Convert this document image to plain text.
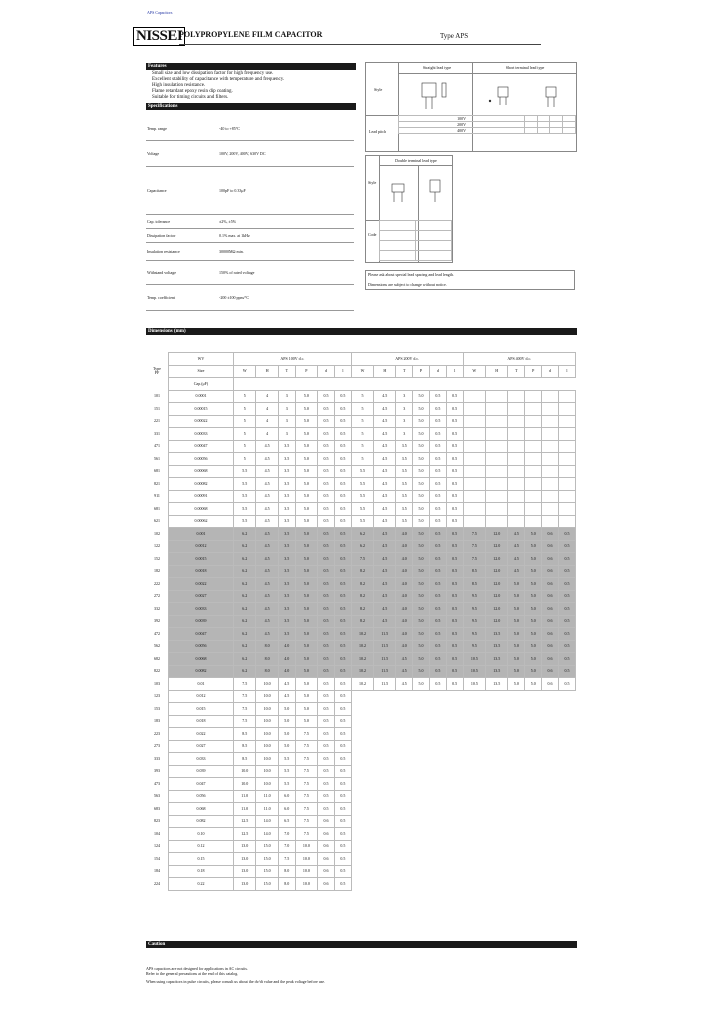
APS Capacitors
NISSEI
POLYPROPYLENE FILM CAPACITOR	Type APS
Features
Small size and low dissipation factor for high frequency use.
Excellent stability of capacitance with temperature and frequency.
High insulation resistance.
Flame retardant epoxy resin dip coating.
Suitable for timing circuits and filters.
Specifications
Temp. range	-40 to +85°C
Voltage	100V, 200V, 400V, 630V DC
Capacitance	100pF to 0.33μF
Cap. tolerance	±2%, ±5%
Dissipation factor	0.1% max. at 1kHz
Insulation resistance	30000MΩ min.
Withstand voltage	150% of rated voltage
Temp. coefficient	-200 ±100 ppm/°C
Straight lead type	Short terminal lead type
Style
Lead pitch
100V				
200V				
400V				
Double terminal lead type
Style
Code

Please ask about special lead spacing and lead length.
Dimensions are subject to change without notice.
Dimensions (mm)
Type
PF	WV	APS 100V d.c.						APS 200V d.c.						APS 400V d.c.					
	Size	W	H	T	P	d	l	W	H	T	P	d	l	W	H	T	P	d	l
	Cap.(μF)																		
101	0.0001	5	4	3	5.0	0.5	0.5	5	4.5	3	5.0	0.5	0.5						
151	0.00015	5	4	3	5.0	0.5	0.5	5	4.5	3	5.0	0.5	0.5						
221	0.00022	5	4	3	5.0	0.5	0.5	5	4.5	3	5.0	0.5	0.5						
331	0.00033	5	4	3	5.0	0.5	0.5	5	4.5	3	5.0	0.5	0.5						
471	0.00047	5	4.5	3.5	5.0	0.5	0.5	5	4.5	3.5	5.0	0.5	0.5						
561	0.00056	5	4.5	3.5	5.0	0.5	0.5	5	4.5	3.5	5.0	0.5	0.5						
681	0.00068	5.5	4.5	3.5	5.0	0.5	0.5	5.5	4.5	3.5	5.0	0.5	0.5						
821	0.00082	5.5	4.5	3.5	5.0	0.5	0.5	5.5	4.5	3.5	5.0	0.5	0.5						
911	0.00091	5.5	4.5	3.5	5.0	0.5	0.5	5.5	4.5	3.5	5.0	0.5	0.5						
681	0.00068	5.5	4.5	3.5	5.0	0.5	0.5	5.5	4.5	3.5	5.0	0.5	0.5						
621	0.00062	5.5	4.5	3.5	5.0	0.5	0.5	5.5	4.5	3.5	5.0	0.5	0.5						
102	0.001	6.2	4.5	3.5	5.0	0.5	0.5	6.2	4.5	4.0	5.0	0.5	0.5	7.5	12.0	4.5	5.0	0.6	0.5
122	0.0012	6.2	4.5	3.5	5.0	0.5	0.5	6.2	4.5	4.0	5.0	0.5	0.5	7.5	12.0	4.5	5.0	0.6	0.5
152	0.0015	6.2	4.5	3.5	5.0	0.5	0.5	7.5	4.5	4.0	5.0	0.5	0.5	7.5	12.0	4.5	5.0	0.6	0.5
182	0.0018	6.2	4.5	3.5	5.0	0.5	0.5	8.2	4.5	4.0	5.0	0.5	0.5	8.5	12.0	4.5	5.0	0.6	0.5
222	0.0022	6.2	4.5	3.5	5.0	0.5	0.5	8.2	4.5	4.0	5.0	0.5	0.5	8.5	12.0	5.0	5.0	0.6	0.5
272	0.0027	6.2	4.5	3.5	5.0	0.5	0.5	8.2	4.5	4.0	5.0	0.5	0.5	9.5	12.0	5.0	5.0	0.6	0.5
332	0.0033	6.2	4.5	3.5	5.0	0.5	0.5	8.2	4.5	4.0	5.0	0.5	0.5	9.5	12.0	5.0	5.0	0.6	0.5
392	0.0039	6.2	4.5	3.5	5.0	0.5	0.5	8.2	4.5	4.0	5.0	0.5	0.5	9.5	12.0	5.0	5.0	0.6	0.5
472	0.0047	6.2	4.5	3.5	5.0	0.5	0.5	10.2	11.5	4.0	5.0	0.5	0.5	9.5	13.5	5.0	5.0	0.6	0.5
562	0.0056	6.2	8.0	4.0	5.0	0.5	0.5	10.2	11.5	4.0	5.0	0.5	0.5	9.5	13.5	5.0	5.0	0.6	0.5
682	0.0068	6.2	8.0	4.0	5.0	0.5	0.5	10.2	11.5	4.5	5.0	0.5	0.5	10.5	13.5	5.0	5.0	0.6	0.5
822	0.0082	6.2	8.0	4.0	5.0	0.5	0.5	10.2	11.5	4.5	5.0	0.5	0.5	10.5	13.5	5.0	5.0	0.6	0.5
103	0.01	7.5	10.0	4.5	5.0	0.5	0.5	10.2	11.5	4.5	5.0	0.5	0.5	10.5	13.5	5.0	5.0	0.6	0.5
123	0.012	7.5	10.0	4.5	5.0	0.5	0.5												
153	0.015	7.5	10.0	5.0	5.0	0.5	0.5												
183	0.018	7.5	10.0	5.0	5.0	0.5	0.5												
223	0.022	8.5	10.0	5.0	7.5	0.5	0.5												
273	0.027	8.5	10.0	5.0	7.5	0.5	0.5												
333	0.033	8.5	10.0	5.5	7.5	0.5	0.5												
393	0.039	10.0	10.0	5.5	7.5	0.5	0.5												
473	0.047	10.0	10.0	5.5	7.5	0.5	0.5												
563	0.056	11.0	11.0	6.0	7.5	0.5	0.5												
683	0.068	11.0	11.0	6.0	7.5	0.5	0.5												
823	0.082	12.5	14.0	6.5	7.5	0.6	0.5												
104	0.10	12.5	14.0	7.0	7.5	0.6	0.5												
124	0.12	13.0	15.0	7.0	10.0	0.6	0.5												
154	0.15	13.0	15.0	7.5	10.0	0.6	0.5												
184	0.18	13.0	15.0	8.0	10.0	0.6	0.5												
224	0.22	13.0	15.0	8.0	10.0	0.6	0.5												
Caution
APS capacitors are not designed for applications in AC circuits.
Refer to the general precautions at the end of this catalog.
When using capacitors in pulse circuits, please consult us about the dv/dt value and the peak voltage before use.
